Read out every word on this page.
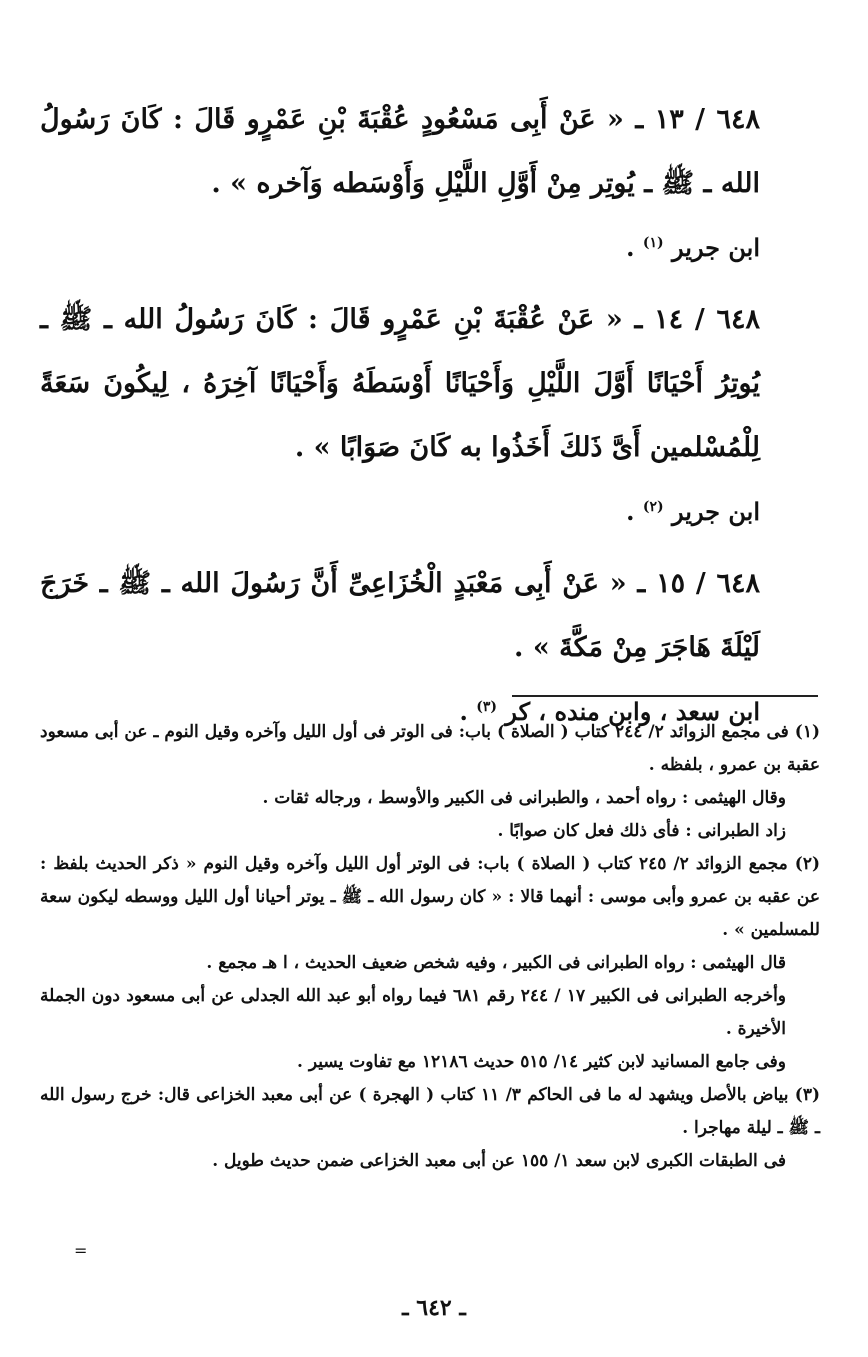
٦٤٨ / ١٣ ـ « عَنْ أَبِى مَسْعُودٍ عُقْبَةَ بْنِ عَمْرٍو قَالَ : كَانَ رَسُولُ الله ـ ﷺ ـ يُوتِر مِنْ أَوَّلِ اللَّيْلِ وَأَوْسَطه وَآخره » .

ابن جرير $^{(١)}$ .

٦٤٨ / ١٤ ـ « عَنْ عُقْبَةَ بْنِ عَمْرٍو قَالَ : كَانَ رَسُولُ الله ـ ﷺ ـ يُوتِرُ أَحْيَانًا أَوَّلَ اللَّيْلِ وَأَحْيَانًا أَوْسَطَهُ وَأَحْيَانًا آخِرَهُ ، لِيكُونَ سَعَةً لِلْمُسْلمين أَىَّ ذَلكَ أَخَذُوا به كَانَ صَوَابًا » .

ابن جرير $^{(٢)}$ .

٦٤٨ / ١٥ ـ « عَنْ أَبِى مَعْبَدٍ الْخُزَاعِىِّ أَنَّ رَسُولَ الله ـ ﷺ ـ خَرَجَ لَيْلَةَ هَاجَرَ مِنْ مَكَّةَ » .

ابن سعد ، وابن منده ، كر $^{(٣)}$ .

(١) فى مجمع الزوائد ٢/ ٢٤٤ كتاب ( الصلاة ) باب: فى الوتر فى أول الليل وآخره وقيل النوم ـ عن أبى مسعود عقبة بن عمرو ، بلفظه .

وقال الهيثمى : رواه أحمد ، والطبرانى فى الكبير والأوسط ، ورجاله ثقات .

زاد الطبرانى : فأى ذلك فعل كان صوابًا .

(٢) مجمع الزوائد ٢/ ٢٤٥ كتاب ( الصلاة ) باب: فى الوتر أول الليل وآخره وقيل النوم « ذكر الحديث بلفظ : عن عقبه بن عمرو وأبى موسى : أنهما قالا : « كان رسول الله ـ ﷺ ـ يوتر أحيانا أول الليل ووسطه ليكون سعة للمسلمين » .

قال الهيثمى : رواه الطبرانى فى الكبير ، وفيه شخص ضعيف الحديث ، ا هـ مجمع .

وأخرجه الطبرانى فى الكبير ١٧ / ٢٤٤ رقم ٦٨١ فيما رواه أبو عبد الله الجدلى عن أبى مسعود دون الجملة الأخيرة .

وفى جامع المسانيد لابن كثير ١٤/ ٥١٥ حديث ١٢١٨٦ مع تفاوت يسير .

(٣) بياض بالأصل ويشهد له ما فى الحاكم ٣/ ١١ كتاب ( الهجرة ) عن أبى معبد الخزاعى قال: خرج رسول الله ـ ﷺ ـ ليلة مهاجرا .

فى الطبقات الكبرى لابن سعد ١/ ١٥٥ عن أبى معبد الخزاعى ضمن حديث طويل .

=
ـ ٦٤٢ ـ
